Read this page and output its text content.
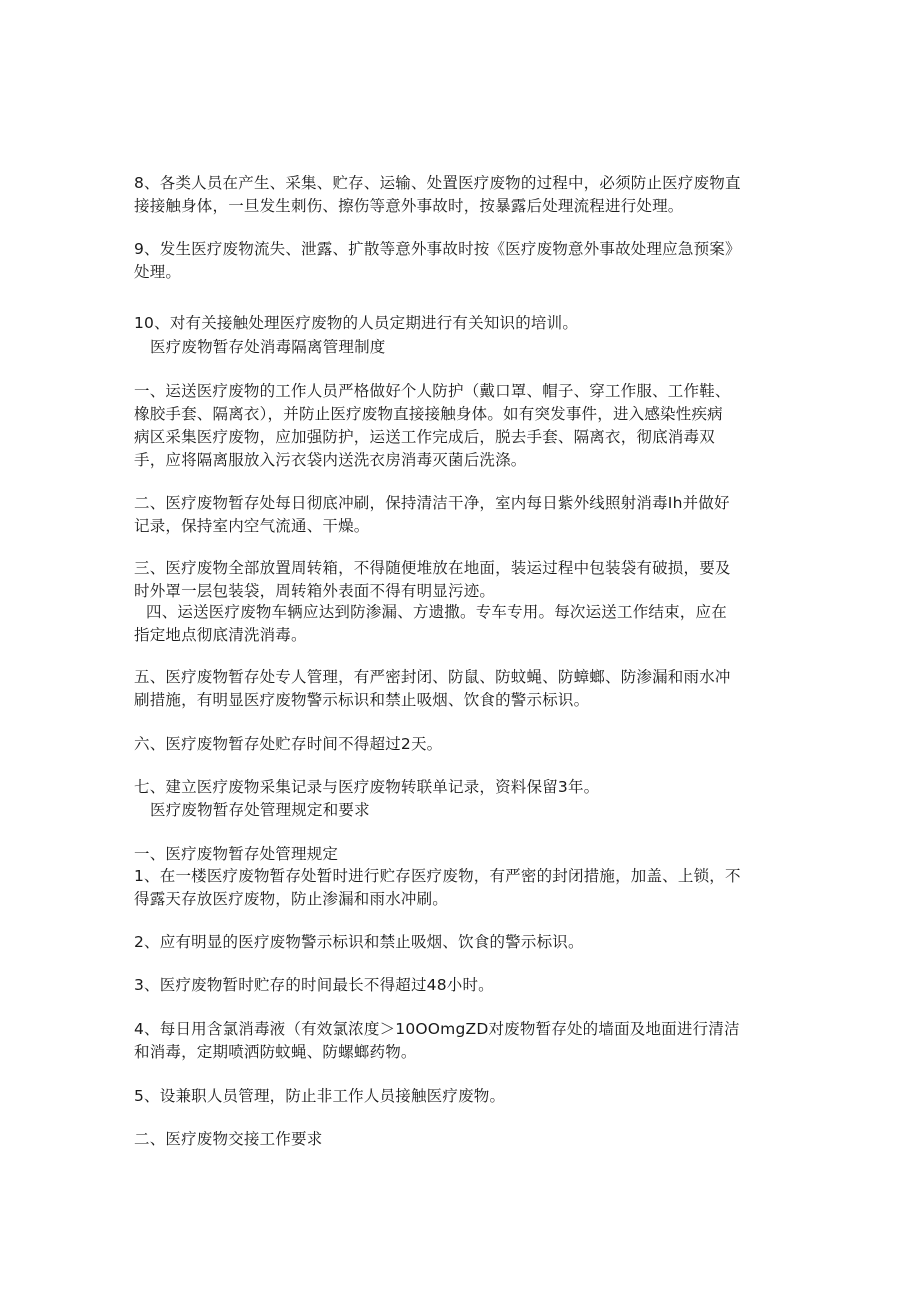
8、各类人员在产生、采集、贮存、运输、处置医疗废物的过程中，必须防止医疗废物直
接接触身体，一旦发生刺伤、擦伤等意外事故时，按暴露后处理流程进行处理。
9、发生医疗废物流失、泄露、扩散等意外事故时按《医疗废物意外事故处理应急预案》
处理。
10、对有关接触处理医疗废物的人员定期进行有关知识的培训。
医疗废物暂存处消毒隔离管理制度
一、运送医疗废物的工作人员严格做好个人防护（戴口罩、帽子、穿工作服、工作鞋、
橡胶手套、隔离衣），并防止医疗废物直接接触身体。如有突发事件，进入感染性疾病
病区采集医疗废物，应加强防护，运送工作完成后，脱去手套、隔离衣，彻底消毒双
手，应将隔离服放入污衣袋内送洗衣房消毒灭菌后洗涤。
二、医疗废物暂存处每日彻底冲刷，保持清洁干净，室内每日紫外线照射消毒Ih并做好
记录，保持室内空气流通、干燥。
三、医疗废物全部放置周转箱，不得随便堆放在地面，装运过程中包装袋有破损，要及
时外罩一层包装袋，周转箱外表面不得有明显污迹。
四、运送医疗废物车辆应达到防渗漏、方遗撒。专车专用。每次运送工作结束，应在
指定地点彻底清洗消毒。
五、医疗废物暂存处专人管理，有严密封闭、防鼠、防蚊蝇、防蟑螂、防渗漏和雨水冲
刷措施，有明显医疗废物警示标识和禁止吸烟、饮食的警示标识。
六、医疗废物暂存处贮存时间不得超过2天。
七、建立医疗废物采集记录与医疗废物转联单记录，资料保留3年。
医疗废物暂存处管理规定和要求
一、医疗废物暂存处管理规定
1、在一楼医疗废物暂存处暂时进行贮存医疗废物，有严密的封闭措施，加盖、上锁，不
得露天存放医疗废物，防止渗漏和雨水冲刷。
2、应有明显的医疗废物警示标识和禁止吸烟、饮食的警示标识。
3、医疗废物暂时贮存的时间最长不得超过48小时。
4、每日用含氯消毒液（有效氯浓度＞10OOmgZD对废物暂存处的墙面及地面进行清洁
和消毒，定期喷洒防蚊蝇、防螺螂药物。
5、设兼职人员管理，防止非工作人员接触医疗废物。
二、医疗废物交接工作要求
